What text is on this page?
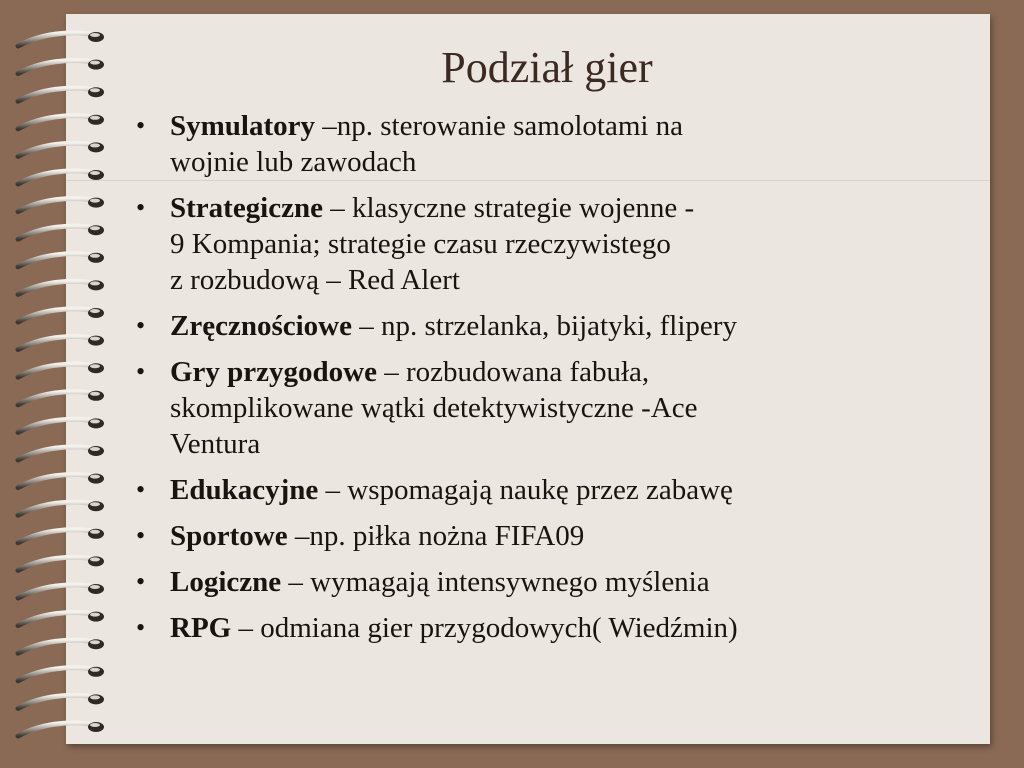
Podział gier
• Symulatory –np. sterowanie samolotami na
wojnie lub zawodach
• Strategiczne – klasyczne strategie wojenne -
9 Kompania; strategie czasu rzeczywistego
z rozbudową – Red Alert
• Zręcznościowe – np. strzelanka, bijatyki, flipery
• Gry przygodowe – rozbudowana fabuła,
skomplikowane wątki detektywistyczne -Ace
Ventura
• Edukacyjne – wspomagają naukę przez zabawę
• Sportowe –np. piłka nożna FIFA09
• Logiczne – wymagają intensywnego myślenia
• RPG – odmiana gier przygodowych( Wiedźmin)
